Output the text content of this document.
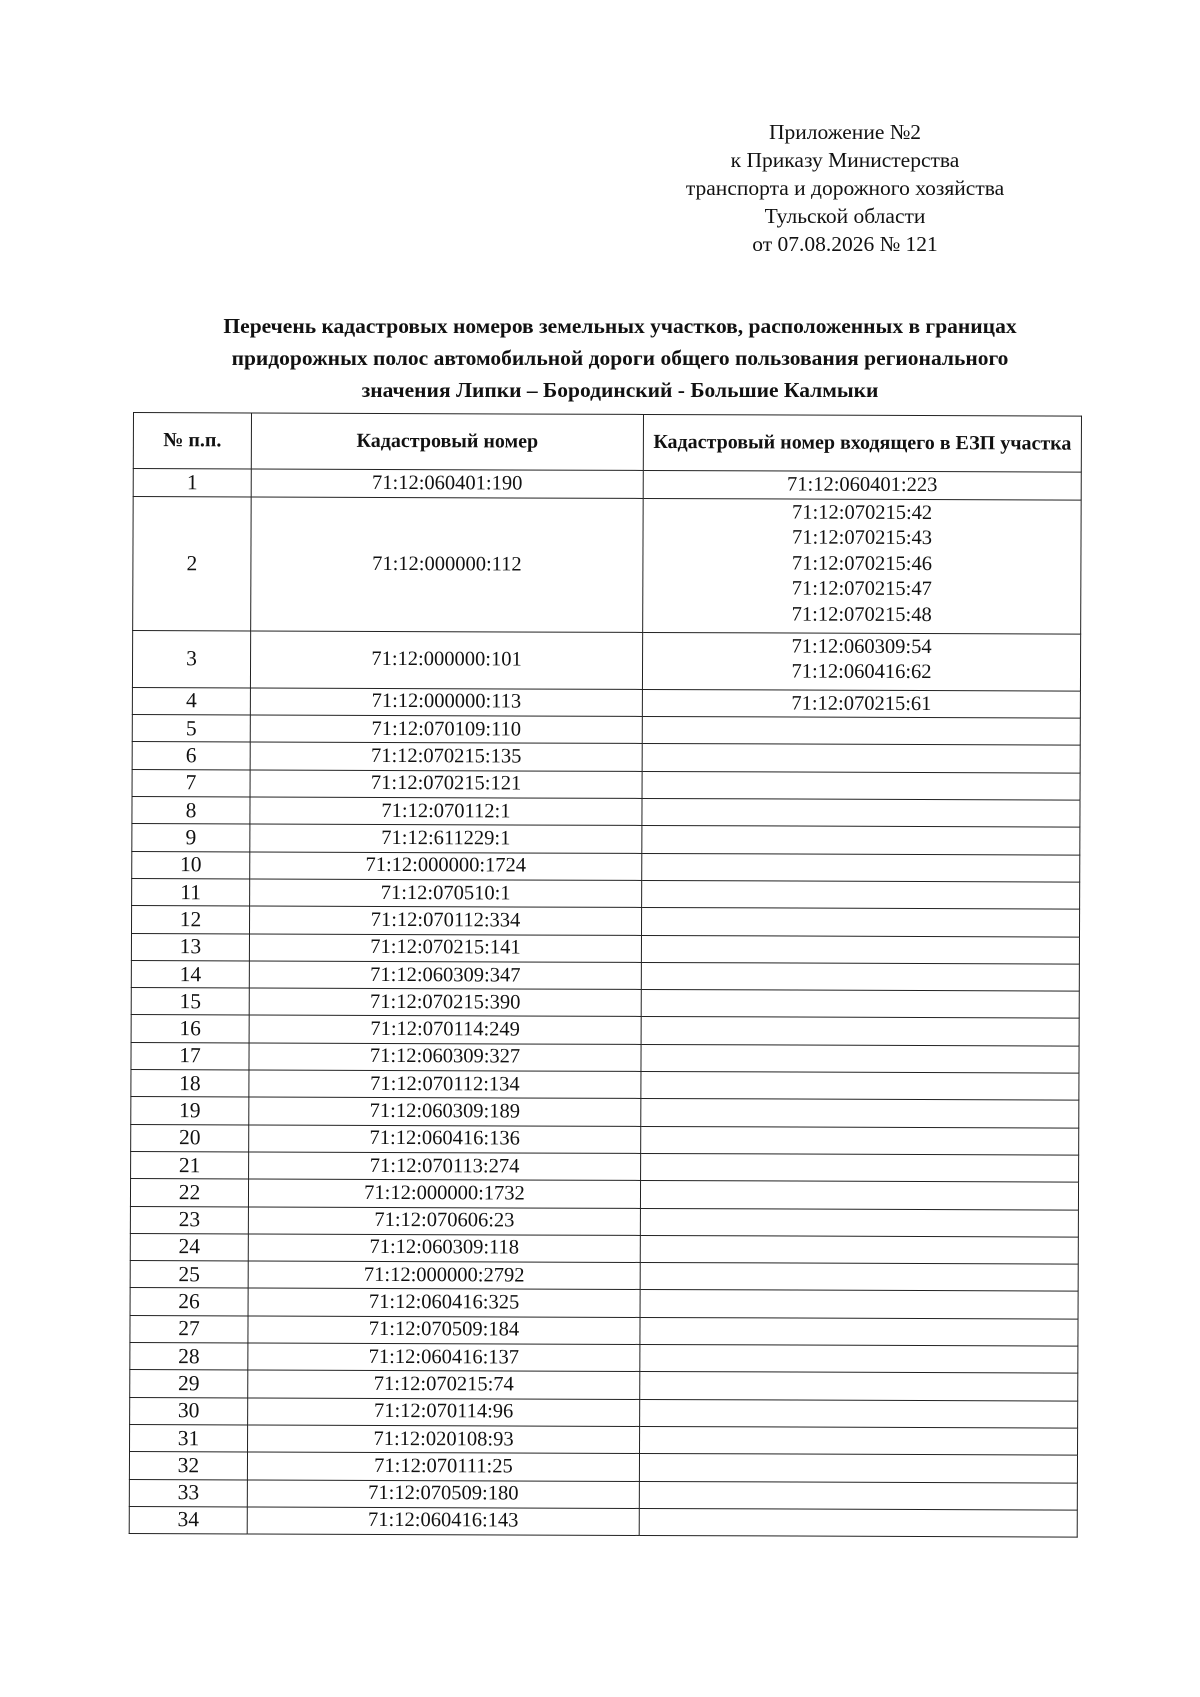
Приложение №2
к Приказу Министерства
транспорта и дорожного хозяйства
Тульской области
от 07.08.2026 № 121
Перечень кадастровых номеров земельных участков, расположенных в границах
придорожных полос автомобильной дороги общего пользования регионального
значения Липки – Бородинский - Большие Калмыки
№ п.п.	Кадастровый номер	Кадастровый номер входящего в ЕЗП участка
1	71:12:060401:190	71:12:060401:223

2	71:12:000000:112	71:12:070215:42
71:12:070215:43
71:12:070215:46
71:12:070215:47
71:12:070215:48

3	71:12:000000:101	71:12:060309:54
71:12:060416:62

4	71:12:000000:113	71:12:070215:61

5	71:12:070109:110	
6	71:12:070215:135	
7	71:12:070215:121	
8	71:12:070112:1	
9	71:12:611229:1	
10	71:12:000000:1724	
11	71:12:070510:1	
12	71:12:070112:334	
13	71:12:070215:141	
14	71:12:060309:347	
15	71:12:070215:390	
16	71:12:070114:249	
17	71:12:060309:327	
18	71:12:070112:134	
19	71:12:060309:189	
20	71:12:060416:136	
21	71:12:070113:274	
22	71:12:000000:1732	
23	71:12:070606:23	
24	71:12:060309:118	
25	71:12:000000:2792	
26	71:12:060416:325	
27	71:12:070509:184	
28	71:12:060416:137	
29	71:12:070215:74	
30	71:12:070114:96	
31	71:12:020108:93	
32	71:12:070111:25	
33	71:12:070509:180	
34	71:12:060416:143	
